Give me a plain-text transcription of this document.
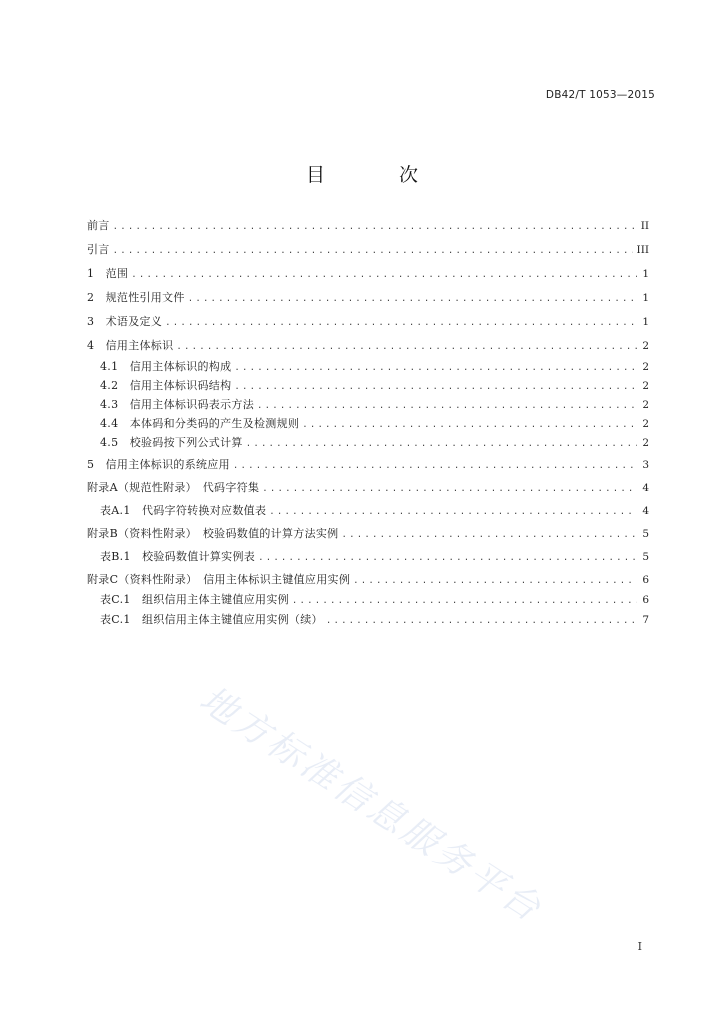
DB42/T 1053—2015
目 次
前言 .....	II
引言 .....	III
1　范围 .....	1
2　规范性引用文件 .....	1
3　术语及定义 .....	1
4　信用主体标识 .....	2
4.1　信用主体标识的构成 .....	2
4.2　信用主体标识码结构 .....	2
4.3　信用主体标识码表示方法 .....	2
4.4　本体码和分类码的产生及检测规则 .....	2
4.5　校验码按下列公式计算 .....	2
5　信用主体标识的系统应用 .....	3
附录A（规范性附录）　代码字符集 .....	4
表A.1　代码字符转换对应数值表 .....	4
附录B（资料性附录）　校验码数值的计算方法实例 .....	5
表B.1　校验码数值计算实例表 .....	5
附录C（资料性附录）　信用主体标识主键值应用实例 .....	6
表C.1　组织信用主体主键值应用实例 .....	6
表C.1　组织信用主体主键值应用实例（续） .....	7
地方标准信息服务平台
I
